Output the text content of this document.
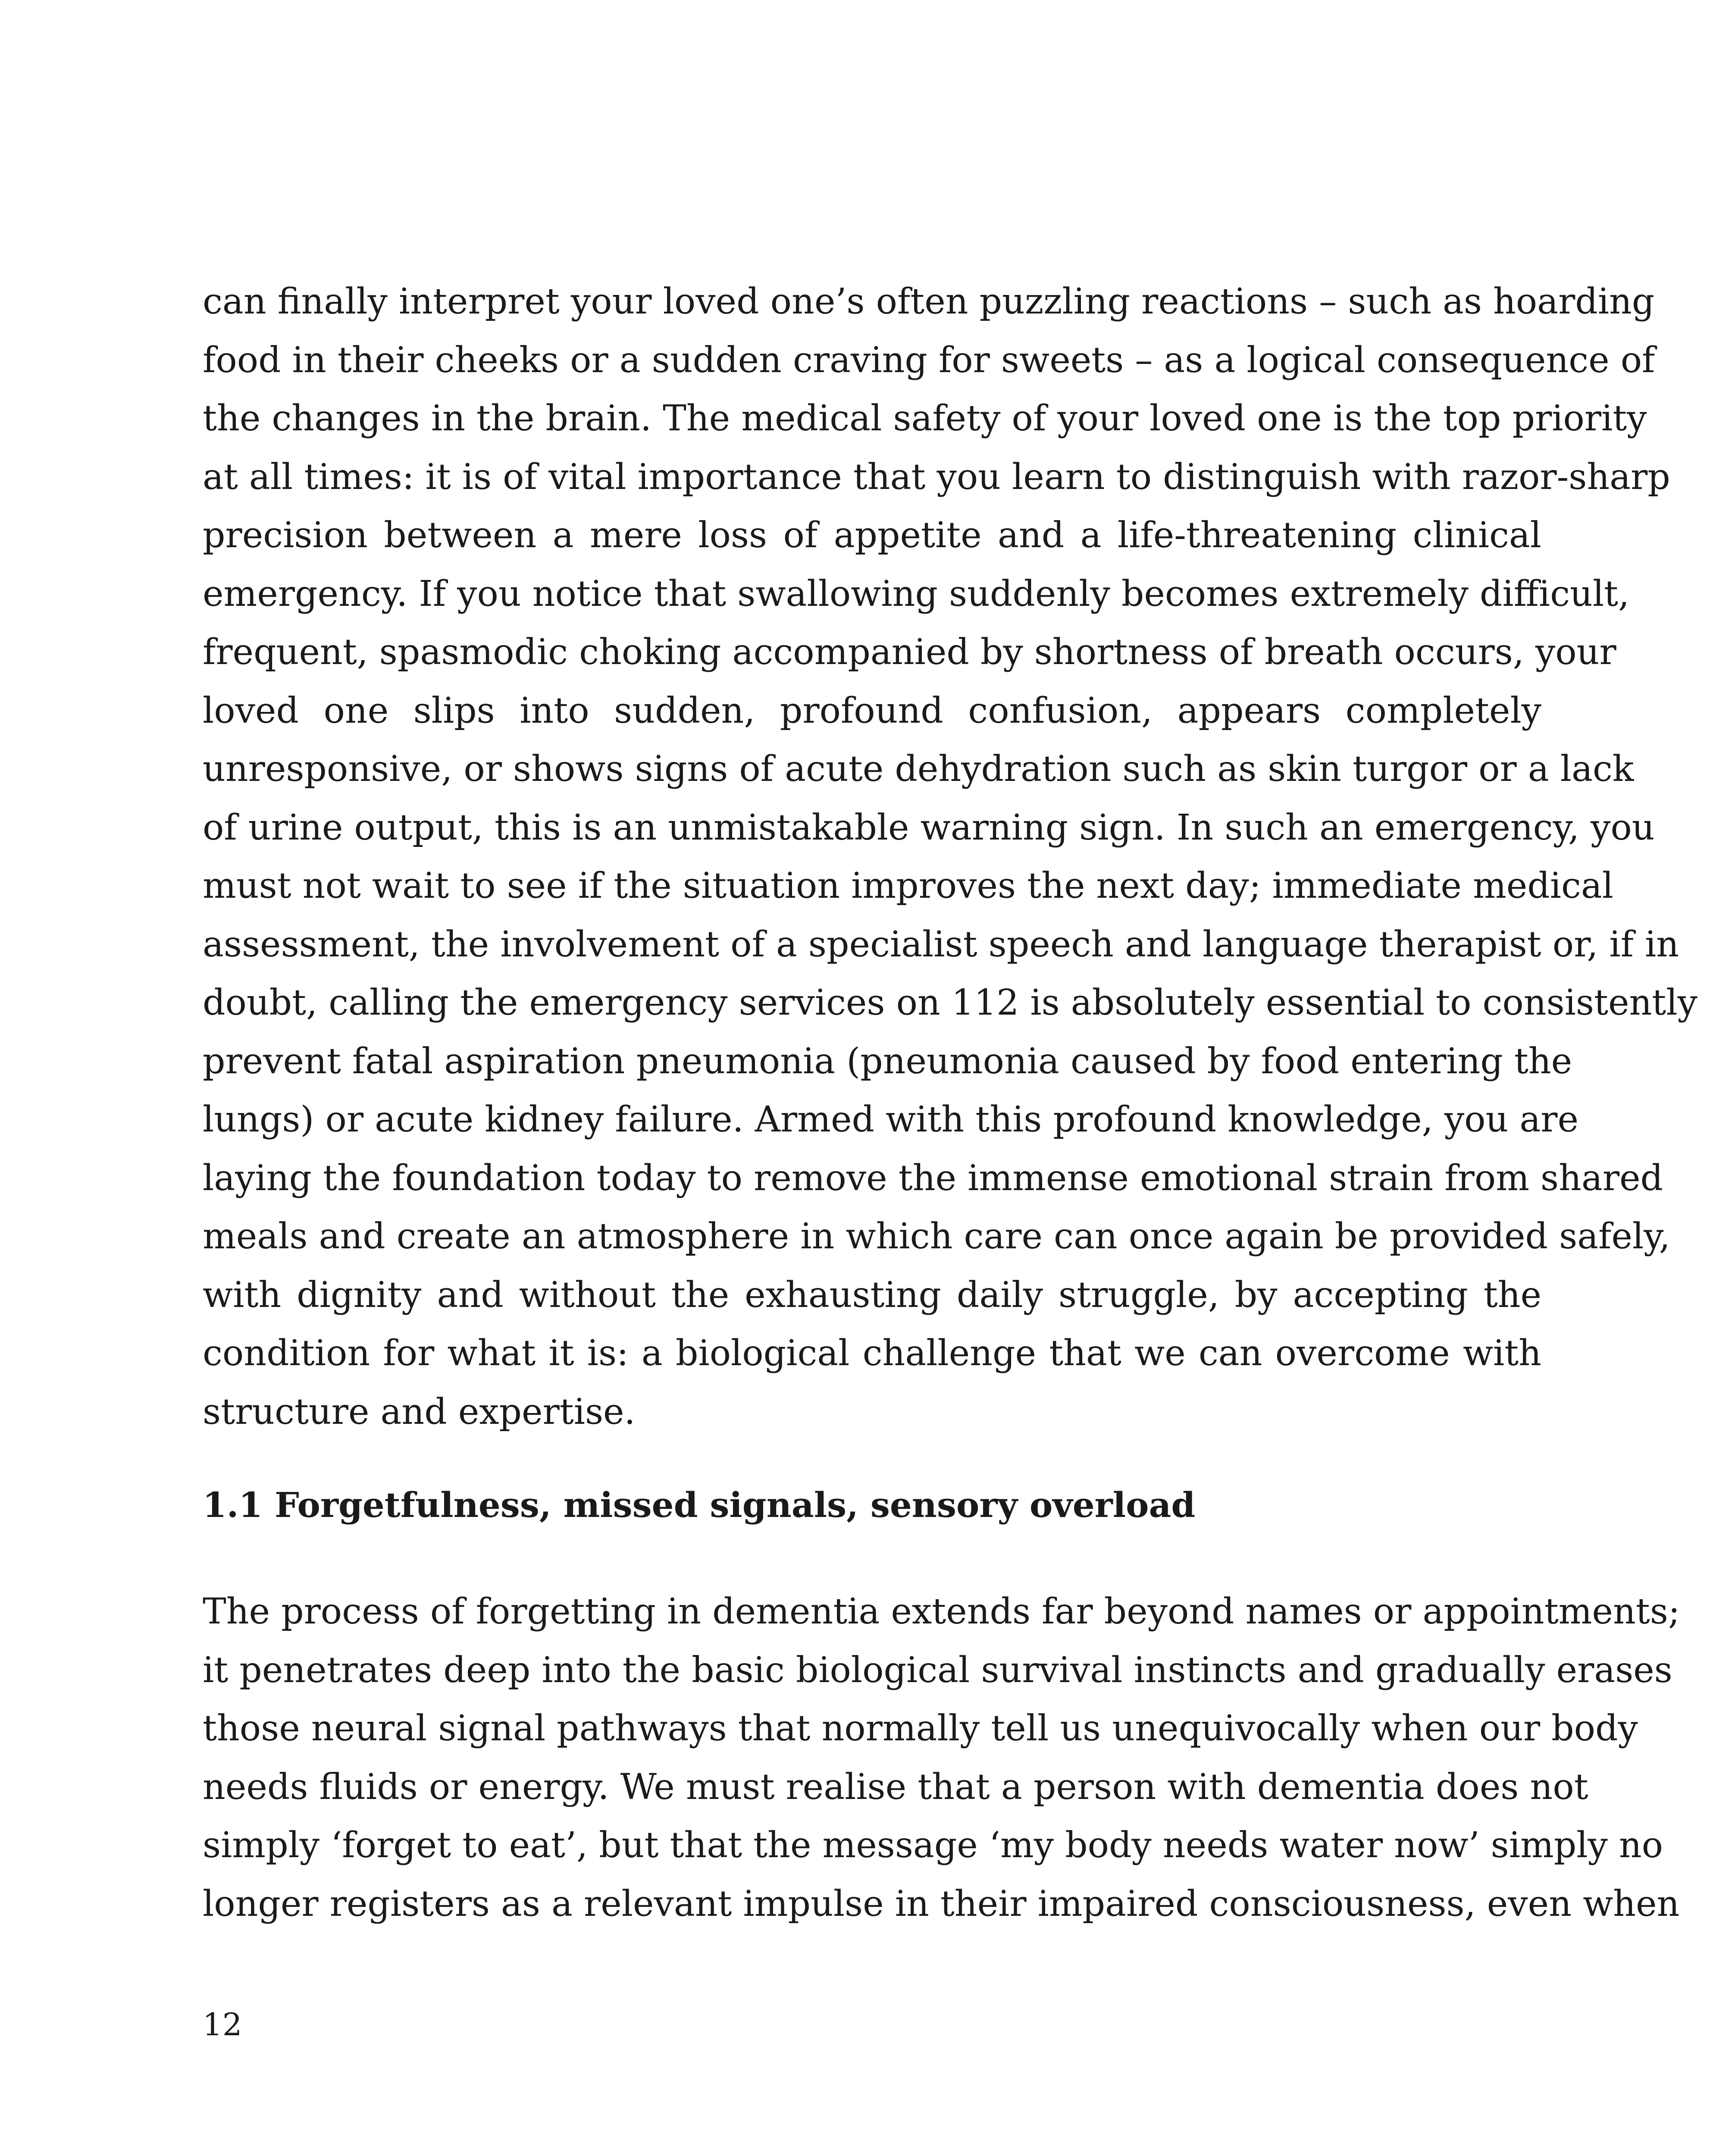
can finally interpret your loved one’s often puzzling reactions – such as hoarding
food in their cheeks or a sudden craving for sweets – as a logical consequence of
the changes in the brain. The medical safety of your loved one is the top priority
at all times: it is of vital importance that you learn to distinguish with razor-sharp
precision between a mere loss of appetite and a life-threatening clinical
emergency. If you notice that swallowing suddenly becomes extremely difficult,
frequent, spasmodic choking accompanied by shortness of breath occurs, your
loved one slips into sudden, profound confusion, appears completely
unresponsive, or shows signs of acute dehydration such as skin turgor or a lack
of urine output, this is an unmistakable warning sign. In such an emergency, you
must not wait to see if the situation improves the next day; immediate medical
assessment, the involvement of a specialist speech and language therapist or, if in
doubt, calling the emergency services on 112 is absolutely essential to consistently
prevent fatal aspiration pneumonia (pneumonia caused by food entering the
lungs) or acute kidney failure. Armed with this profound knowledge, you are
laying the foundation today to remove the immense emotional strain from shared
meals and create an atmosphere in which care can once again be provided safely,
with dignity and without the exhausting daily struggle, by accepting the
condition for what it is: a biological challenge that we can overcome with
structure and expertise.
1.1 Forgetfulness, missed signals, sensory overload
The process of forgetting in dementia extends far beyond names or appointments;
it penetrates deep into the basic biological survival instincts and gradually erases
those neural signal pathways that normally tell us unequivocally when our body
needs fluids or energy. We must realise that a person with dementia does not
simply ‘forget to eat’, but that the message ‘my body needs water now’ simply no
longer registers as a relevant impulse in their impaired consciousness, even when
12
